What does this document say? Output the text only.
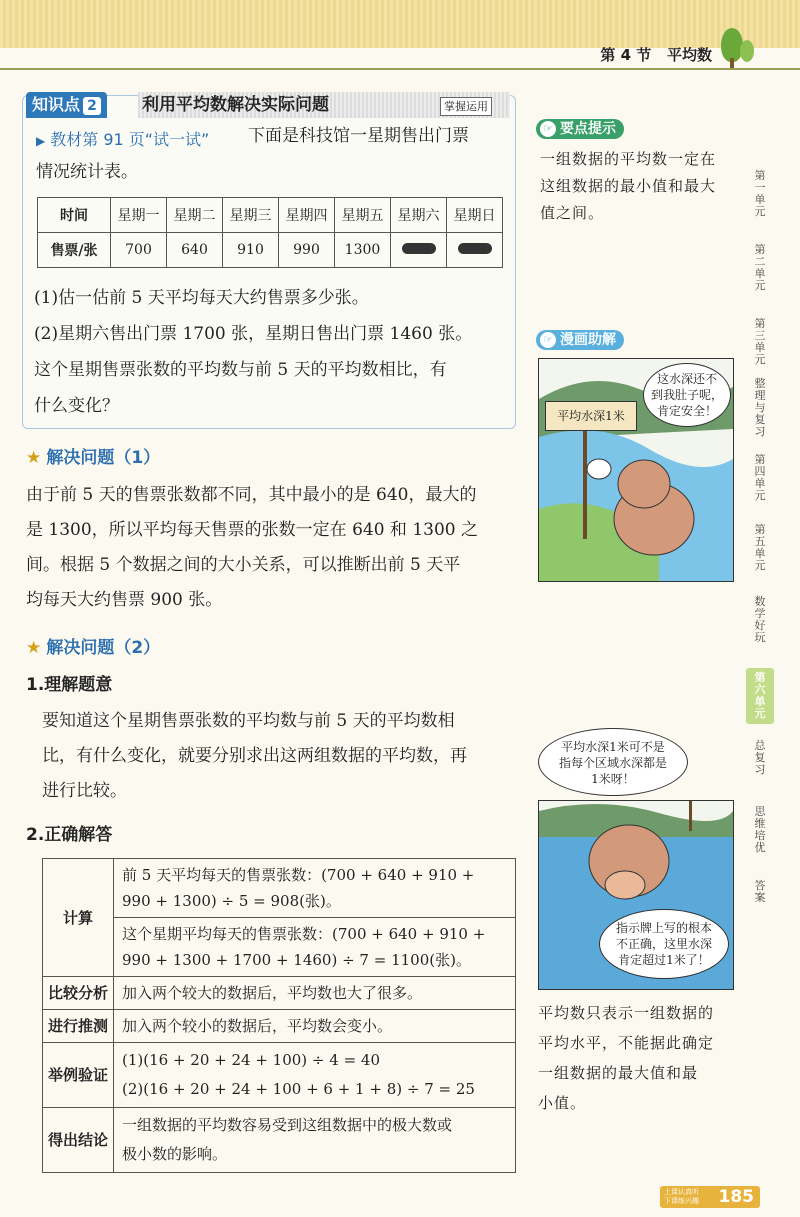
第 4 节 平均数
知识点 2	利用平均数解决实际问题	掌握运用
▶ 教材第 91 页“试一试” 下面是科技馆一星期售出门票
情况统计表。
时间	星期一	星期二	星期三	星期四	星期五	星期六	星期日
售票/张	700	640	910	990	1300		
(1)估一估前 5 天平均每天大约售票多少张。
(2)星期六售出门票 1700 张，星期日售出门票 1460 张。
这个星期售票张数的平均数与前 5 天的平均数相比，有
什么变化？
★ 解决问题（1）
由于前 5 天的售票张数都不同，其中最小的是 640，最大的
是 1300，所以平均每天售票的张数一定在 640 和 1300 之
间。根据 5 个数据之间的大小关系，可以推断出前 5 天平
均每天大约售票 900 张。
★ 解决问题（2）
1.理解题意
要知道这个星期售票张数的平均数与前 5 天的平均数相
比，有什么变化，就要分别求出这两组数据的平均数，再
进行比较。
2.正确解答
计算	前 5 天平均每天的售票张数：(700 + 640 + 910 +
990 + 1300) ÷ 5 = 908(张)。

	这个星期平均每天的售票张数：(700 + 640 + 910 +
990 + 1300 + 1700 + 1460) ÷ 7 = 1100(张)。

比较分析	加入两个较大的数据后，平均数也大了很多。
进行推测	加入两个较小的数据后，平均数会变小。
举例验证	(1)(16 + 20 + 24 + 100) ÷ 4 = 40
(2)(16 + 20 + 24 + 100 + 6 + 1 + 8) ÷ 7 = 25

得出结论	一组数据的平均数容易受到这组数据中的极大数或
极小数的影响。
☞ 要点提示
一组数据的平均数一定在
这组数据的最小值和最大
值之间。
☞ 漫画助解
平均水深1米
这水深还不
到我肚子呢，
肯定安全！
平均水深1米可不是
指每个区域水深都是
1米呀！
指示牌上写的根本
不正确，这里水深
肯定超过1米了！
平均数只表示一组数据的
平均水平，不能据此确定
一组数据的最大值和最
小值。
第
一
单
元
第
二
单
元
第
三
单
元
整
理
与
复
习
第
四
单
元
第
五
单
元
数
学
好
玩
第
六
单
元
总
复
习
思
维
培
优
答
案
上课认真听
下课练兴趣 185
